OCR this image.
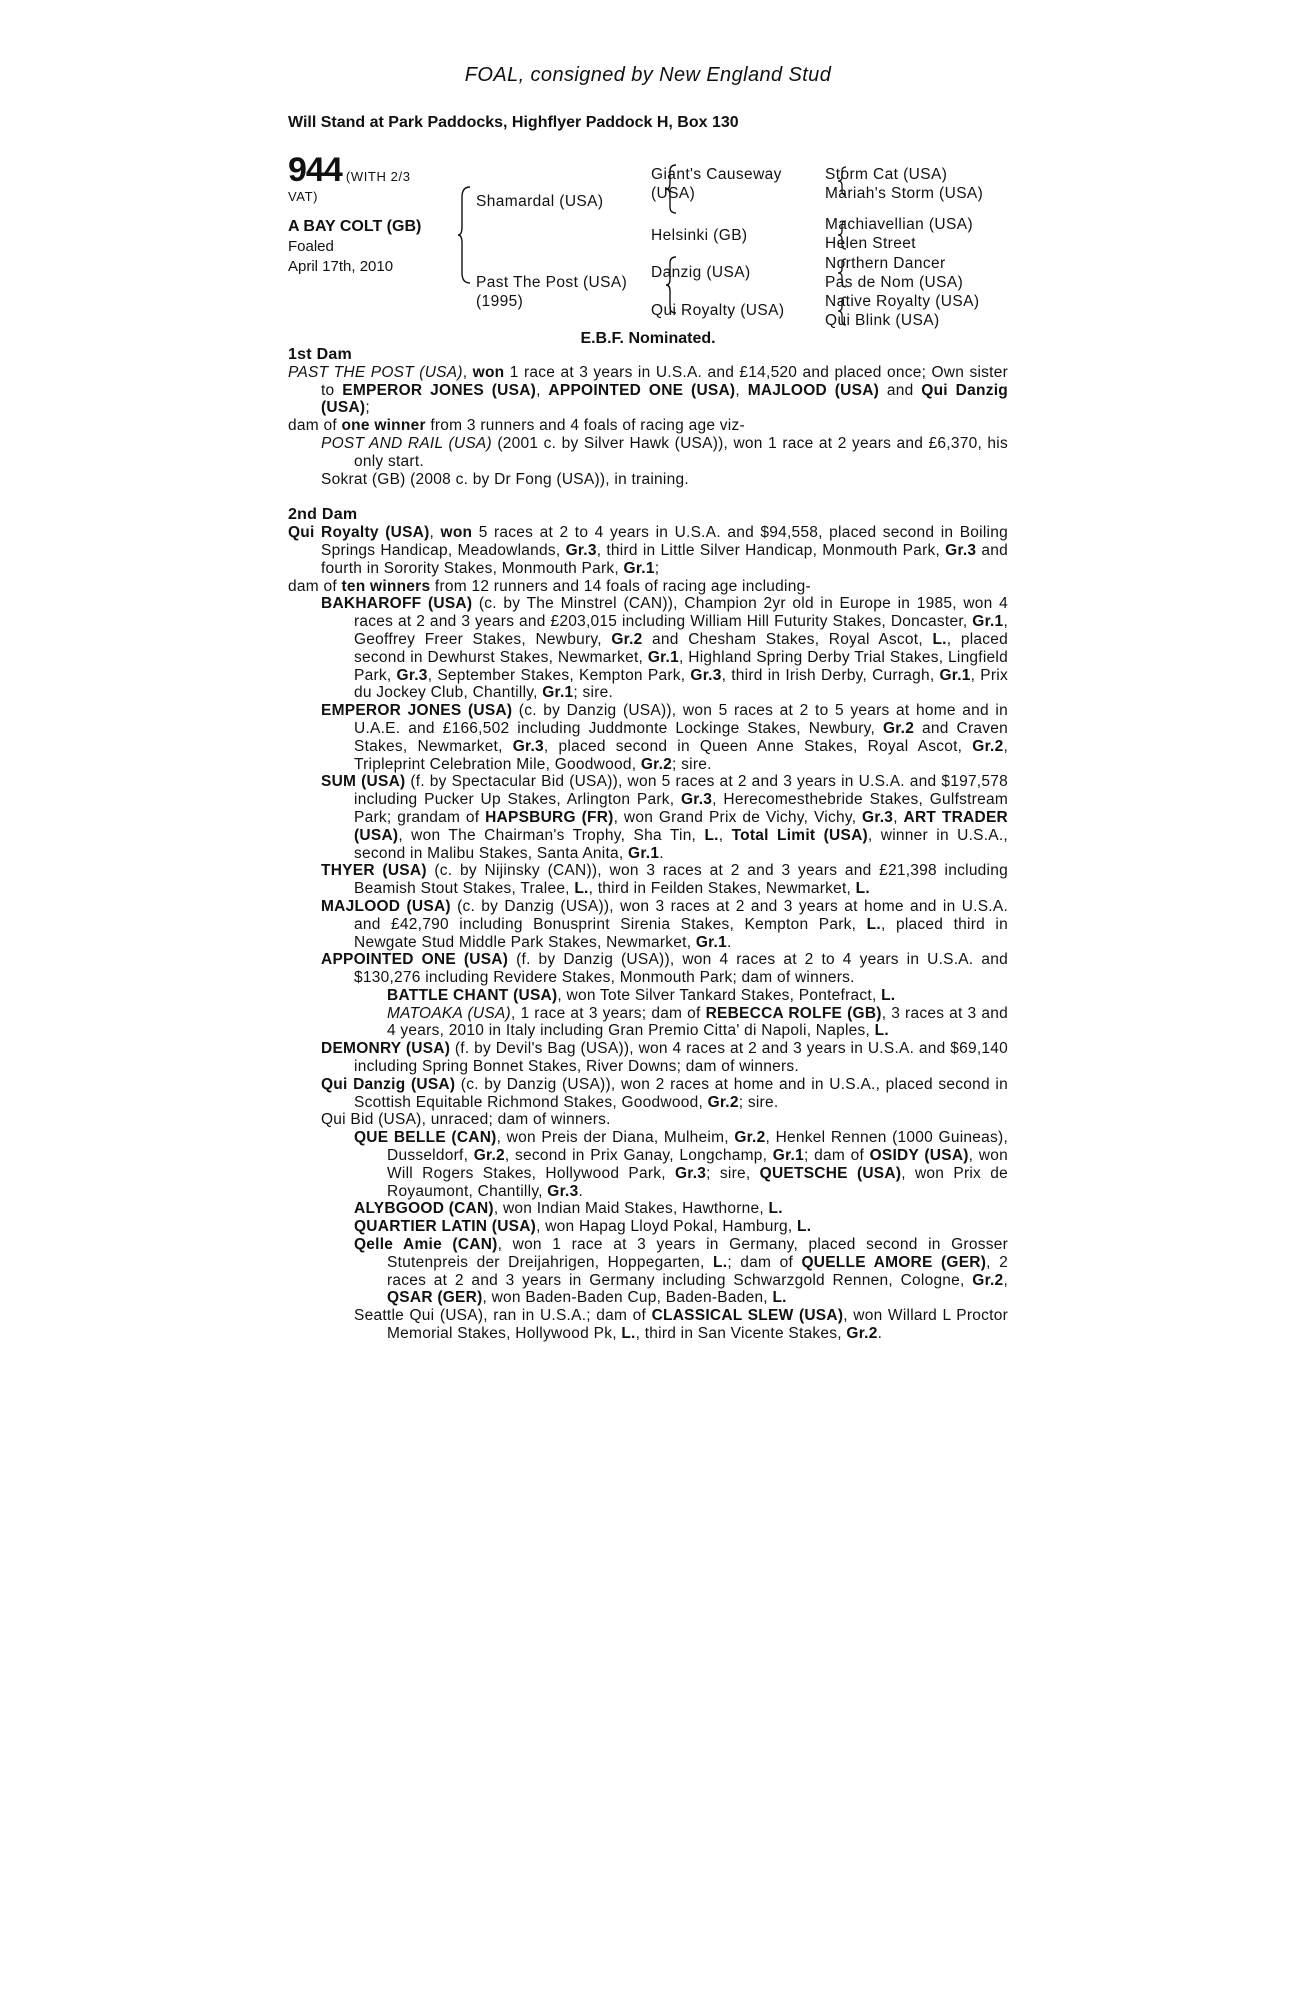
FOAL, consigned by New England Stud
Will Stand at Park Paddocks, Highflyer Paddock H, Box 130
944 (WITH 2/3
VAT)
A BAY COLT (GB)
Foaled
April 17th, 2010
Shamardal (USA)
Past The Post (USA)
(1995)
Giant's Causeway
(USA)
Helsinki (GB)
Danzig (USA)
Qui Royalty (USA)
Storm Cat (USA)
Mariah's Storm (USA)
Machiavellian (USA)
Helen Street
Northern Dancer
Pas de Nom (USA)
Native Royalty (USA)
Qui Blink (USA)
E.B.F. Nominated.

1st Dam

PAST THE POST (USA), won 1 race at 3 years in U.S.A. and £14,520 and placed once; Own sister to EMPEROR JONES (USA), APPOINTED ONE (USA), MAJLOOD (USA) and Qui Danzig (USA);

dam of one winner from 3 runners and 4 foals of racing age viz-

POST AND RAIL (USA) (2001 c. by Silver Hawk (USA)), won 1 race at 2 years and £6,370, his only start.

Sokrat (GB) (2008 c. by Dr Fong (USA)), in training.

2nd Dam

Qui Royalty (USA), won 5 races at 2 to 4 years in U.S.A. and $94,558, placed second in Boiling Springs Handicap, Meadowlands, Gr.3, third in Little Silver Handicap, Monmouth Park, Gr.3 and fourth in Sorority Stakes, Monmouth Park, Gr.1;

dam of ten winners from 12 runners and 14 foals of racing age including-

BAKHAROFF (USA) (c. by The Minstrel (CAN)), Champion 2yr old in Europe in 1985, won 4 races at 2 and 3 years and £203,015 including William Hill Futurity Stakes, Doncaster, Gr.1, Geoffrey Freer Stakes, Newbury, Gr.2 and Chesham Stakes, Royal Ascot, L., placed second in Dewhurst Stakes, Newmarket, Gr.1, Highland Spring Derby Trial Stakes, Lingfield Park, Gr.3, September Stakes, Kempton Park, Gr.3, third in Irish Derby, Curragh, Gr.1, Prix du Jockey Club, Chantilly, Gr.1; sire.

EMPEROR JONES (USA) (c. by Danzig (USA)), won 5 races at 2 to 5 years at home and in U.A.E. and £166,502 including Juddmonte Lockinge Stakes, Newbury, Gr.2 and Craven Stakes, Newmarket, Gr.3, placed second in Queen Anne Stakes, Royal Ascot, Gr.2, Tripleprint Celebration Mile, Goodwood, Gr.2; sire.

SUM (USA) (f. by Spectacular Bid (USA)), won 5 races at 2 and 3 years in U.S.A. and $197,578 including Pucker Up Stakes, Arlington Park, Gr.3, Herecomesthebride Stakes, Gulfstream Park; grandam of HAPSBURG (FR), won Grand Prix de Vichy, Vichy, Gr.3, ART TRADER (USA), won The Chairman's Trophy, Sha Tin, L., Total Limit (USA), winner in U.S.A., second in Malibu Stakes, Santa Anita, Gr.1.

THYER (USA) (c. by Nijinsky (CAN)), won 3 races at 2 and 3 years and £21,398 including Beamish Stout Stakes, Tralee, L., third in Feilden Stakes, Newmarket, L.

MAJLOOD (USA) (c. by Danzig (USA)), won 3 races at 2 and 3 years at home and in U.S.A. and £42,790 including Bonusprint Sirenia Stakes, Kempton Park, L., placed third in Newgate Stud Middle Park Stakes, Newmarket, Gr.1.

APPOINTED ONE (USA) (f. by Danzig (USA)), won 4 races at 2 to 4 years in U.S.A. and $130,276 including Revidere Stakes, Monmouth Park; dam of winners.

BATTLE CHANT (USA), won Tote Silver Tankard Stakes, Pontefract, L.

MATOAKA (USA), 1 race at 3 years; dam of REBECCA ROLFE (GB), 3 races at 3 and 4 years, 2010 in Italy including Gran Premio Citta' di Napoli, Naples, L.

DEMONRY (USA) (f. by Devil's Bag (USA)), won 4 races at 2 and 3 years in U.S.A. and $69,140 including Spring Bonnet Stakes, River Downs; dam of winners.

Qui Danzig (USA) (c. by Danzig (USA)), won 2 races at home and in U.S.A., placed second in Scottish Equitable Richmond Stakes, Goodwood, Gr.2; sire.

Qui Bid (USA), unraced; dam of winners.

QUE BELLE (CAN), won Preis der Diana, Mulheim, Gr.2, Henkel Rennen (1000 Guineas), Dusseldorf, Gr.2, second in Prix Ganay, Longchamp, Gr.1; dam of OSIDY (USA), won Will Rogers Stakes, Hollywood Park, Gr.3; sire, QUETSCHE (USA), won Prix de Royaumont, Chantilly, Gr.3.

ALYBGOOD (CAN), won Indian Maid Stakes, Hawthorne, L.

QUARTIER LATIN (USA), won Hapag Lloyd Pokal, Hamburg, L.

Qelle Amie (CAN), won 1 race at 3 years in Germany, placed second in Grosser Stutenpreis der Dreijahrigen, Hoppegarten, L.; dam of QUELLE AMORE (GER), 2 races at 2 and 3 years in Germany including Schwarzgold Rennen, Cologne, Gr.2, QSAR (GER), won Baden-Baden Cup, Baden-Baden, L.

Seattle Qui (USA), ran in U.S.A.; dam of CLASSICAL SLEW (USA), won Willard L Proctor Memorial Stakes, Hollywood Pk, L., third in San Vicente Stakes, Gr.2.
